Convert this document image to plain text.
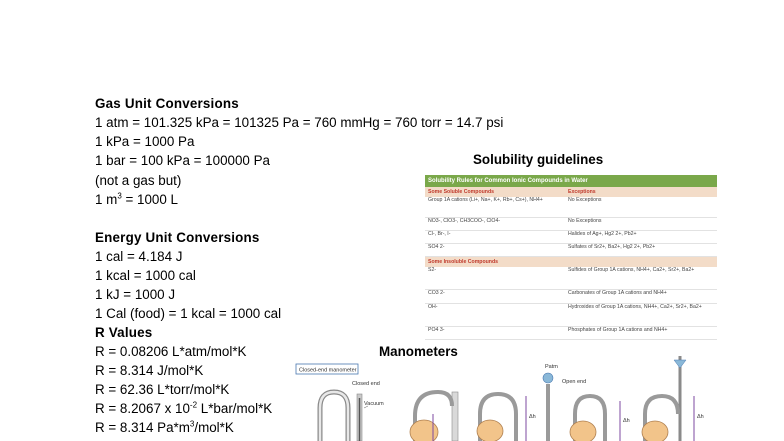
Gas Unit Conversions
1 atm = 101.325 kPa = 101325 Pa = 760 mmHg = 760 torr = 14.7 psi
1 kPa = 1000 Pa
1 bar = 100 kPa = 100000 Pa
(not a gas but)
1 $m^3 = 1000$ L
Energy Unit Conversions
1 cal = 4.184 J
1 kcal = 1000 cal
1 kJ = 1000 J
1 Cal (food) = 1 kcal = 1000 cal
R Values
R = 0.08206 L*atm/mol*K
R = 8.314 J/mol*K
R = 62.36 L*torr/mol*K
R = 8.2067 x $10^{-2}$ L*bar/mol*K
R = 8.314 $Pa*m^3/mol*K$
Solubility guidelines
Solubility Rules for Common Ionic Compounds in Water
Some Soluble Compounds	Exceptions
Group 1A cations (Li+, Na+, K+, Rb+, Cs+), NH4+	No Exceptions
NO3-, ClO3-, CH3COO-, ClO4-	No Exceptions
Cl-, Br-, I-	Halides of Ag+, Hg2 2+, Pb2+
SO4 2-	Sulfates of Sr2+, Ba2+, Hg2 2+, Pb2+
Some Insoluble Compounds
S2-	Sulfides of Group 1A cations, NH4+, Ca2+, Sr2+, Ba2+
CO3 2-	Carbonates of Group 1A cations and NH4+
OH-	Hydroxides of Group 1A cations, NH4+, Ca2+, Sr2+, Ba2+
PO4 3-	Phosphates of Group 1A cations and NH4+
Manometers
Closed-end manometer
Closed end
Vacuum
Open end
Patm
Δh
Δh
Δh
